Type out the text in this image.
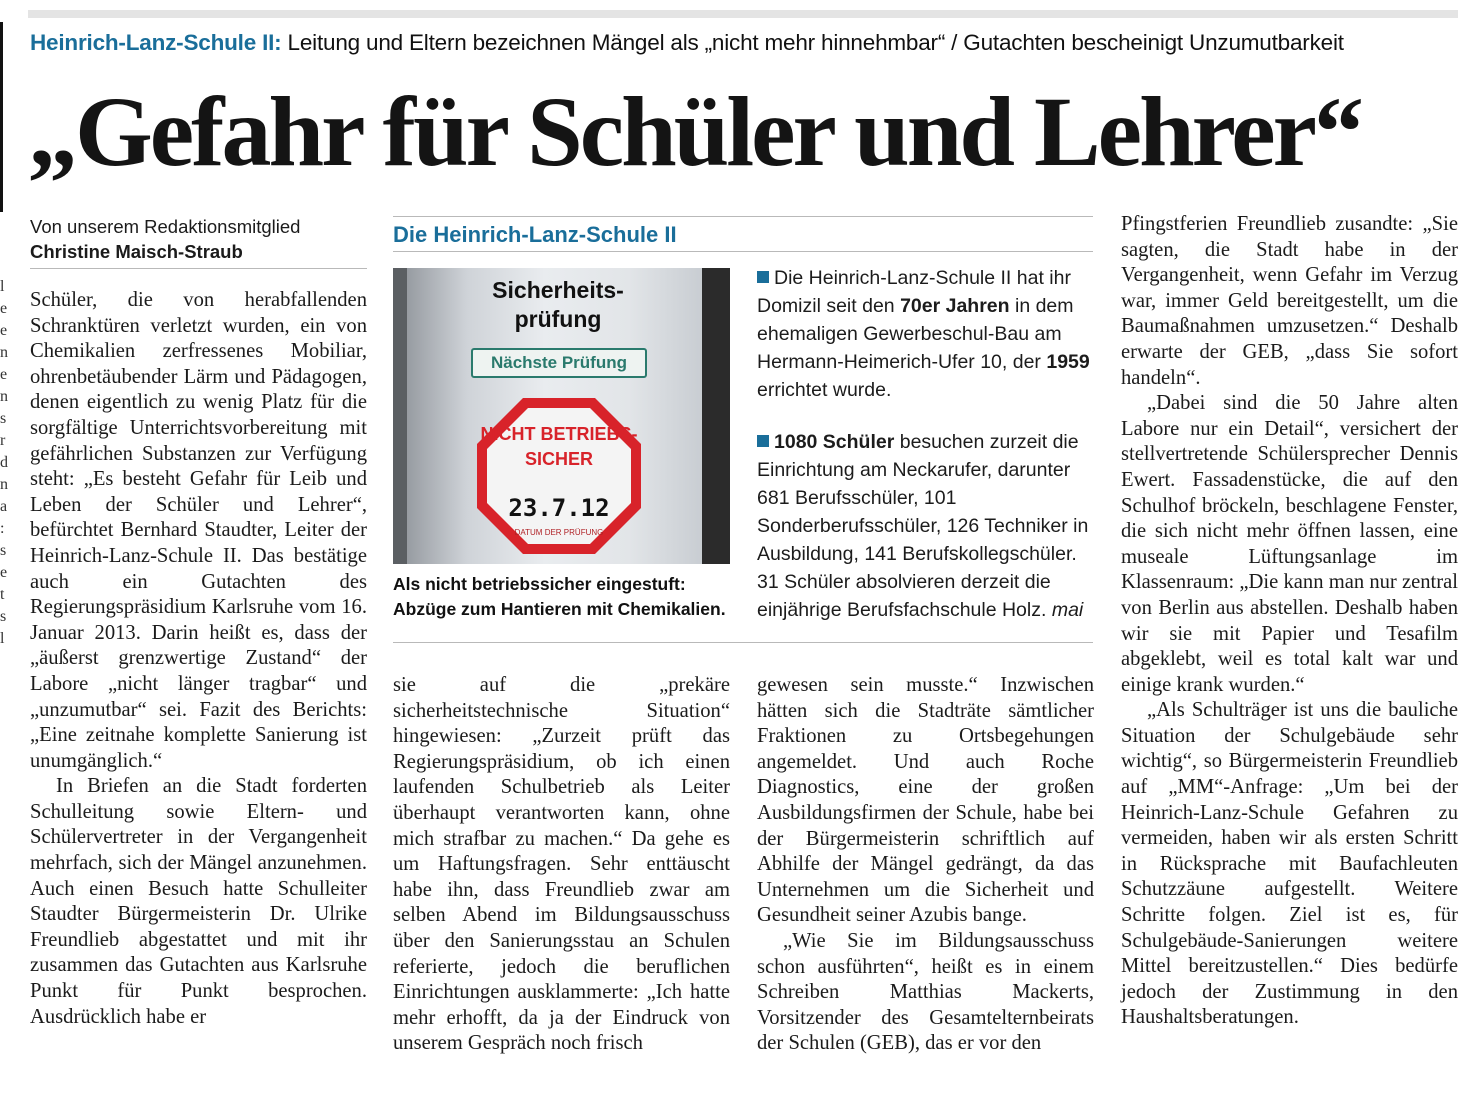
Heinrich-Lanz-Schule II: Leitung und Eltern bezeichnen Mängel als „nicht mehr hinnehmbar“ / Gutachten bescheinigt Unzumutbarkeit
„Gefahr für Schüler und Lehrer“
Von unserem Redaktionsmitglied
Christine Maisch-Straub
l e e n e n s r d n a : s e t s l

Schüler, die von herabfallenden Schranktüren verletzt wurden, ein von Chemikalien zerfressenes Mobiliar, ohrenbetäubender Lärm und Pädagogen, denen eigentlich zu wenig Platz für die sorgfältige Unterrichtsvorbereitung mit gefährlichen Substanzen zur Verfügung steht: „Es besteht Gefahr für Leib und Leben der Schüler und Lehrer“, befürchtet Bernhard Staudter, Leiter der Heinrich-Lanz-Schule II. Das bestätige auch ein Gutachten des Regierungspräsidium Karlsruhe vom 16. Januar 2013. Darin heißt es, dass der „äußerst grenzwertige Zustand“ der Labore „nicht länger tragbar“ und „unzumutbar“ sei. Fazit des Berichts: „Eine zeitnahe komplette Sanierung ist unumgänglich.“

In Briefen an die Stadt forderten Schulleitung sowie Eltern- und Schülervertreter in der Vergangenheit mehrfach, sich der Mängel anzunehmen. Auch einen Besuch hatte Schulleiter Staudter Bürgermeisterin Dr. Ulrike Freundlieb abgestattet und mit ihr zusammen das Gutachten aus Karlsruhe Punkt für Punkt besprochen. Ausdrücklich habe er

Die Heinrich-Lanz-Schule II
Sicherheits-prüfung
Nächste Prüfung
NICHT BETRIEBS-SICHER
23.7.12
DATUM DER PRÜFUNG
Als nicht betriebssicher eingestuft: Abzüge zum Hantieren mit Chemikalien.

Die Heinrich-Lanz-Schule II hat ihr Domizil seit den 70er Jahren in dem ehemaligen Gewerbeschul-Bau am Hermann-Heimerich-Ufer 10, der 1959 errichtet wurde.

1080 Schüler besuchen zurzeit die Einrichtung am Neckarufer, darunter 681 Berufsschüler, 101 Sonderberufsschüler, 126 Techniker in Ausbildung, 141 Berufskollegschüler. 31 Schüler absolvieren derzeit die einjährige Berufsfachschule Holz. mai

sie auf die „prekäre sicherheitstechnische Situation“ hingewiesen: „Zurzeit prüft das Regierungspräsidium, ob ich einen laufenden Schulbetrieb als Leiter überhaupt verantworten kann, ohne mich strafbar zu machen.“ Da gehe es um Haftungsfragen. Sehr enttäuscht habe ihn, dass Freundlieb zwar am selben Abend im Bildungsausschuss über den Sanierungsstau an Schulen referierte, jedoch die beruflichen Einrichtungen ausklammerte: „Ich hatte mehr erhofft, da ja der Eindruck von unserem Gespräch noch frisch

gewesen sein musste.“ Inzwischen hätten sich die Stadträte sämtlicher Fraktionen zu Ortsbegehungen angemeldet. Und auch Roche Diagnostics, eine der großen Ausbildungsfirmen der Schule, habe bei der Bürgermeisterin schriftlich auf Abhilfe der Mängel gedrängt, da das Unternehmen um die Sicherheit und Gesundheit seiner Azubis bange.

„Wie Sie im Bildungsausschuss schon ausführten“, heißt es in einem Schreiben Matthias Mackerts, Vorsitzender des Gesamtelternbeirats der Schulen (GEB), das er vor den

Pfingstferien Freundlieb zusandte: „Sie sagten, die Stadt habe in der Vergangenheit, wenn Gefahr im Verzug war, immer Geld bereitgestellt, um die Baumaßnahmen umzusetzen.“ Deshalb erwarte der GEB, „dass Sie sofort handeln“.

„Dabei sind die 50 Jahre alten Labore nur ein Detail“, versichert der stellvertretende Schülersprecher Dennis Ewert. Fassadenstücke, die auf den Schulhof bröckeln, beschlagene Fenster, die sich nicht mehr öffnen lassen, eine museale Lüftungsanlage im Klassenraum: „Die kann man nur zentral von Berlin aus abstellen. Deshalb haben wir sie mit Papier und Tesafilm abgeklebt, weil es total kalt war und einige krank wurden.“

„Als Schulträger ist uns die bauliche Situation der Schulgebäude sehr wichtig“, so Bürgermeisterin Freundlieb auf „MM“-Anfrage: „Um bei der Heinrich-Lanz-Schule Gefahren zu vermeiden, haben wir als ersten Schritt in Rücksprache mit Baufachleuten Schutzzäune aufgestellt. Weitere Schritte folgen. Ziel ist es, für Schulgebäude-Sanierungen weitere Mittel bereitzustellen.“ Dies bedürfe jedoch der Zustimmung in den Haushaltsberatungen.
